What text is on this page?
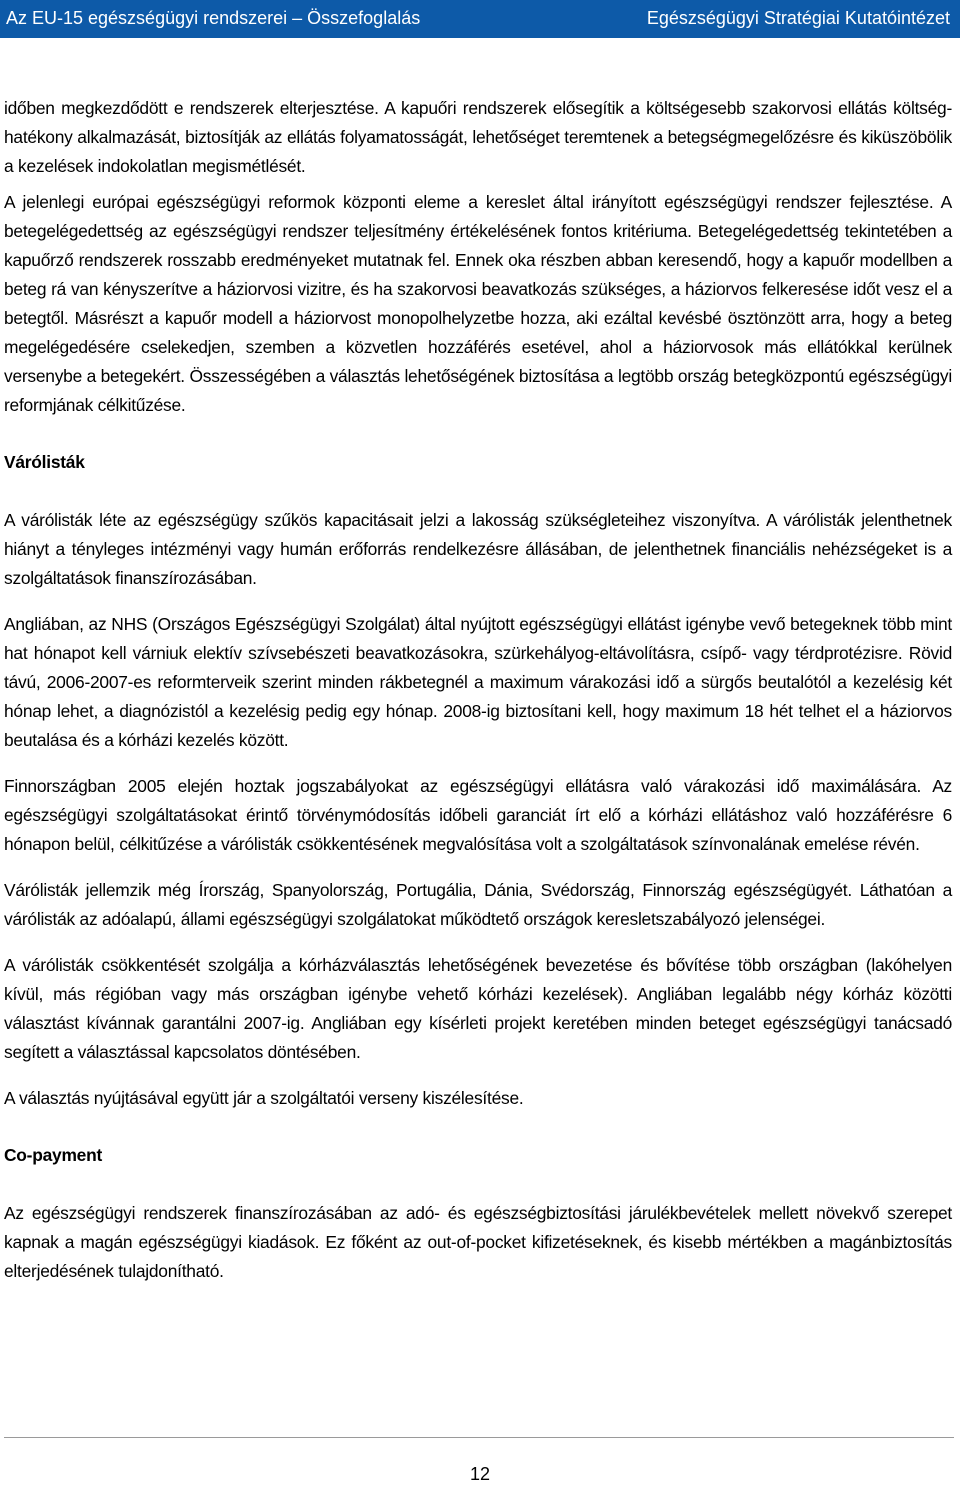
Az EU-15 egészségügyi rendszerei – Összefoglalás	Egészségügyi Stratégiai Kutatóintézet

időben megkezdődött e rendszerek elterjesztése. A kapuőri rendszerek elősegítik a költségesebb szakorvosi ellátás költség-hatékony alkalmazását, biztosítják az ellátás folyamatosságát, lehetőséget teremtenek a betegségmegelőzésre és kiküszöbölik a kezelések indokolatlan megismétlését.

A jelenlegi európai egészségügyi reformok központi eleme a kereslet által irányított egészségügyi rendszer fejlesztése. A betegelégedettség az egészségügyi rendszer teljesítmény értékelésének fontos kritériuma. Betegelégedettség tekintetében a kapuőrző rendszerek rosszabb eredményeket mutatnak fel. Ennek oka részben abban keresendő, hogy a kapuőr modellben a beteg rá van kényszerítve a háziorvosi vizitre, és ha szakorvosi beavatkozás szükséges, a háziorvos felkeresése időt vesz el a betegtől. Másrészt a kapuőr modell a háziorvost monopolhelyzetbe hozza, aki ezáltal kevésbé ösztönzött arra, hogy a beteg megelégedésére cselekedjen, szemben a közvetlen hozzáférés esetével, ahol a háziorvosok más ellátókkal kerülnek versenybe a betegekért. Összességében a választás lehetőségének biztosítása a legtöbb ország betegközpontú egészségügyi reformjának célkitűzése.

Várólisták

A várólisták léte az egészségügy szűkös kapacitásait jelzi a lakosság szükségleteihez viszonyítva. A várólisták jelenthetnek hiányt a tényleges intézményi vagy humán erőforrás rendelkezésre állásában, de jelenthetnek financiális nehézségeket is a szolgáltatások finanszírozásában.

Angliában, az NHS (Országos Egészségügyi Szolgálat) által nyújtott egészségügyi ellátást igénybe vevő betegeknek több mint hat hónapot kell várniuk elektív szívsebészeti beavatkozásokra, szürkehályog-eltávolításra, csípő- vagy térdprotézisre. Rövid távú, 2006-2007-es reformterveik szerint minden rákbetegnél a maximum várakozási idő a sürgős beutalótól a kezelésig két hónap lehet, a diagnózistól a kezelésig pedig egy hónap. 2008-ig biztosítani kell, hogy maximum 18 hét telhet el a háziorvos beutalása és a kórházi kezelés között.

Finnországban 2005 elején hoztak jogszabályokat az egészségügyi ellátásra való várakozási idő maximálására. Az egészségügyi szolgáltatásokat érintő törvénymódosítás időbeli garanciát írt elő a kórházi ellátáshoz való hozzáférésre 6 hónapon belül, célkitűzése a várólisták csökkentésének megvalósítása volt a szolgáltatások színvonalának emelése révén.

Várólisták jellemzik még Írország, Spanyolország, Portugália, Dánia, Svédország, Finnország egészségügyét. Láthatóan a várólisták az adóalapú, állami egészségügyi szolgálatokat működtető országok keresletszabályozó jelenségei.

A várólisták csökkentését szolgálja a kórházválasztás lehetőségének bevezetése és bővítése több országban (lakóhelyen kívül, más régióban vagy más országban igénybe vehető kórházi kezelések). Angliában legalább négy kórház közötti választást kívánnak garantálni 2007-ig. Angliában egy kísérleti projekt keretében minden beteget egészségügyi tanácsadó segített a választással kapcsolatos döntésében.

A választás nyújtásával együtt jár a szolgáltatói verseny kiszélesítése.

Co-payment

Az egészségügyi rendszerek finanszírozásában az adó- és egészségbiztosítási járulékbevételek mellett növekvő szerepet kapnak a magán egészségügyi kiadások. Ez főként az out-of-pocket kifizetéseknek, és kisebb mértékben a magánbiztosítás elterjedésének tulajdonítható.

12
